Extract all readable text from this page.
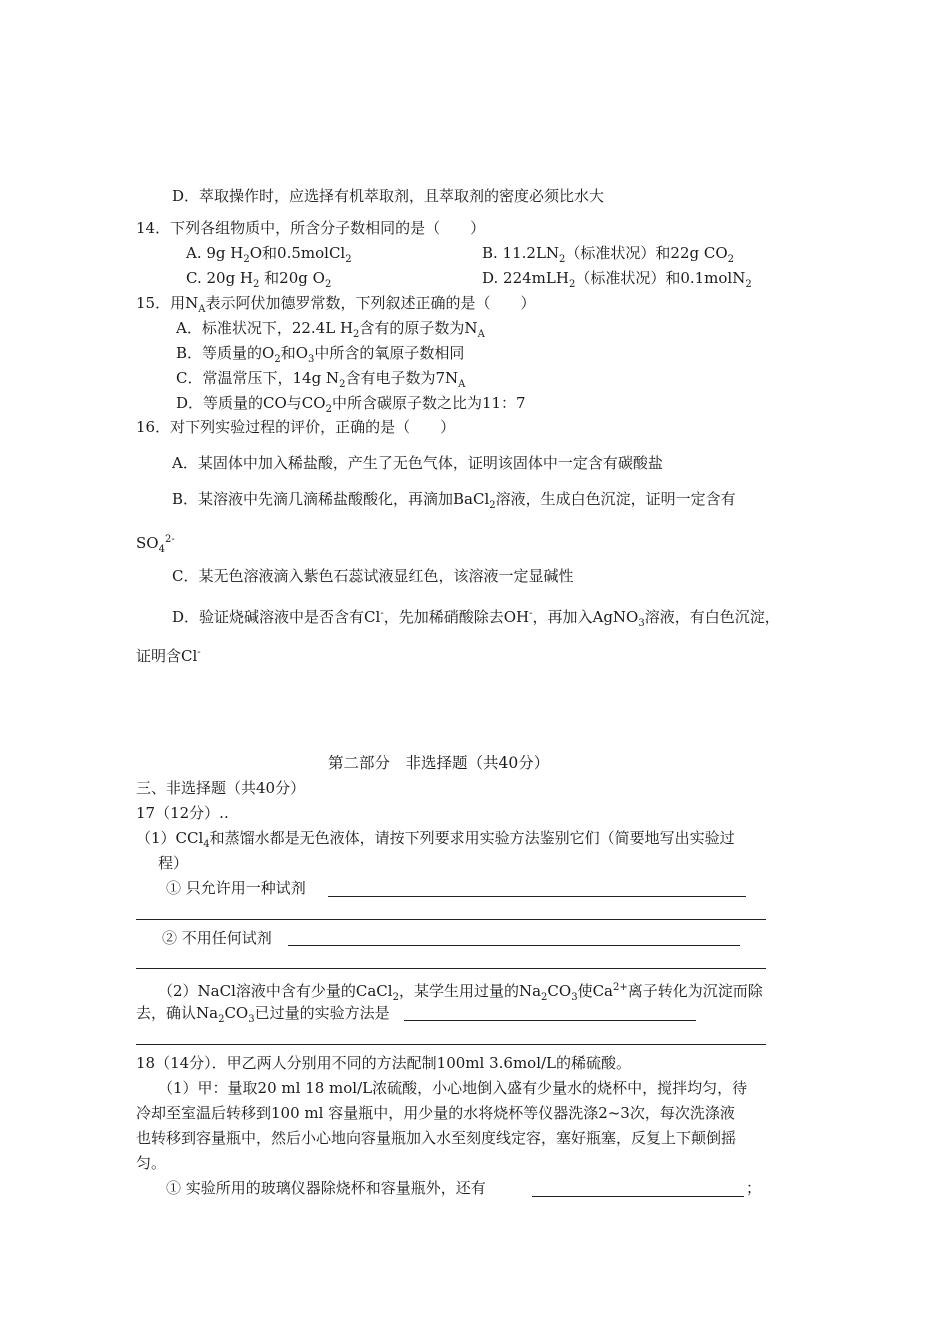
D．萃取操作时，应选择有机萃取剂，且萃取剂的密度必须比水大
14．下列各组物质中，所含分子数相同的是（　　）
A. 9g $H_2O$和0.5molCl$_2$	B. $11.2LN_2$（标准状况）和22g $CO_2$
C. 20g $H_2$ 和20g $O_2$	D. 224mLH$_2$（标准状况）和0.1molN$_2$
15．用$N_A$表示阿伏加德罗常数，下列叙述正确的是（　　）
A．标准状况下，22.4L $H_2$含有的原子数为$N_A$
B．等质量的$O_2$和$O_3$中所含的氧原子数相同
C．常温常压下，14g $N_2$含有电子数为$7N_A$
D．等质量的CO与$CO_2$中所含碳原子数之比为11：7
16．对下列实验过程的评价，正确的是（　　）
A．某固体中加入稀盐酸，产生了无色气体，证明该固体中一定含有碳酸盐
B．某溶液中先滴几滴稀盐酸酸化，再滴加BaCl$_2$溶液，生成白色沉淀，证明一定含有
$SO_4^{2-}$
C．某无色溶液滴入紫色石蕊试液显红色，该溶液一定显碱性
D．验证烧碱溶液中是否含有Cl-，先加稀硝酸除去OH-，再加入AgNO$_3$溶液，有白色沉淀，
证明含Cl-
第二部分　非选择题（共40分）
三、非选择题（共40分）
17（12分）..
（1）CCl$_4$和蒸馏水都是无色液体，请按下列要求用实验方法鉴别它们（简要地写出实验过
程）
① 只允许用一种试剂
② 不用任何试剂
（2）NaCl溶液中含有少量的CaCl$_2$，某学生用过量的$Na_2CO_3$使$Ca^{2+}$离子转化为沉淀而除
去，确认$Na_2CO_3$已过量的实验方法是
18（14分）．甲乙两人分别用不同的方法配制100ml 3.6mol/L的稀硫酸。
（1）甲：量取20 ml 18 mol/L浓硫酸，小心地倒入盛有少量水的烧杯中，搅拌均匀，待
冷却至室温后转移到100 ml 容量瓶中，用少量的水将烧杯等仪器洗涤2~3次，每次洗涤液
也转移到容量瓶中，然后小心地向容量瓶加入水至刻度线定容，塞好瓶塞，反复上下颠倒摇
匀。
① 实验所用的玻璃仪器除烧杯和容量瓶外，还有	；
